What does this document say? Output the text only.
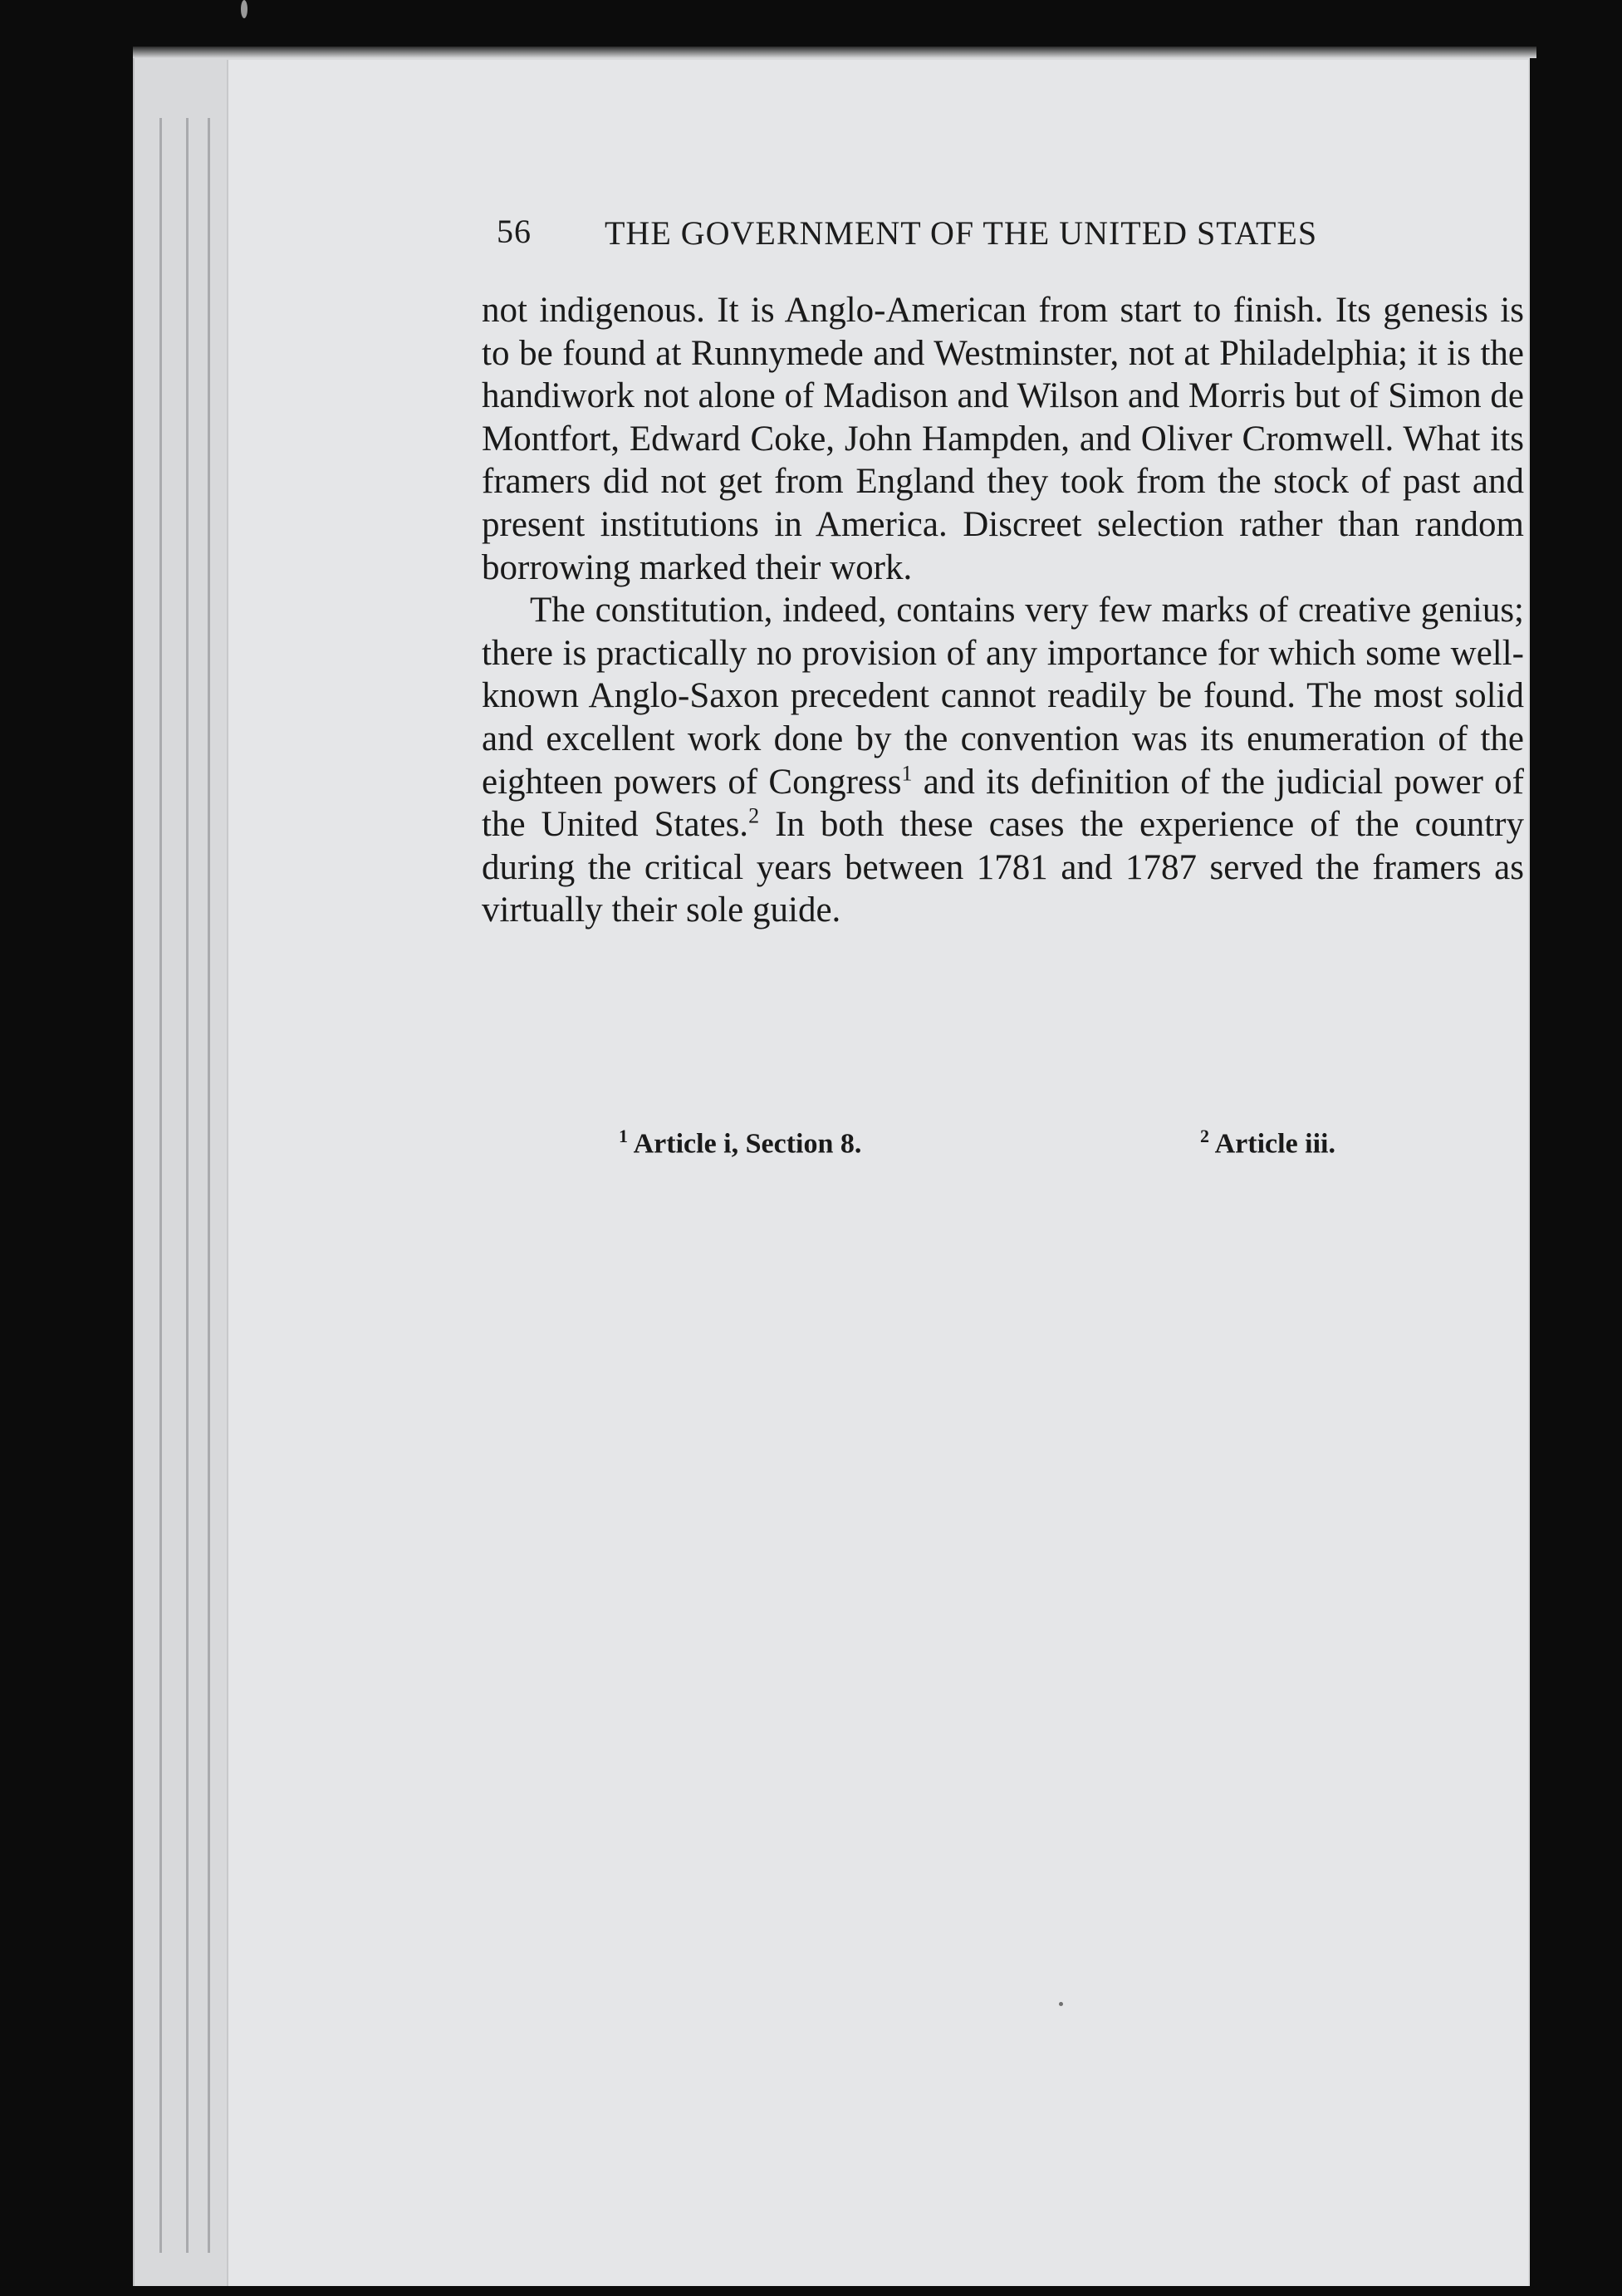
56 THE GOVERNMENT OF THE UNITED STATES

not indigenous. It is Anglo-American from start to finish. Its genesis is to be found at Runnymede and Westminster, not at Philadelphia; it is the handiwork not alone of Madison and Wilson and Morris but of Simon de Montfort, Edward Coke, John Hampden, and Oliver Cromwell. What its framers did not get from England they took from the stock of past and present institutions in America. Discreet selection rather than random borrowing marked their work.

The constitution, indeed, contains very few marks of creative genius; there is practically no provision of any importance for which some well-known Anglo-Saxon precedent cannot readily be found. The most solid and excellent work done by the convention was its enumeration of the eighteen powers of Congress$^1$ and its definition of the judicial power of the United States.$^2$ In both these cases the experience of the country during the critical years between 1781 and 1787 served the framers as virtually their sole guide.

$^1$ Article i, Section 8.	$^2$ Article iii.
